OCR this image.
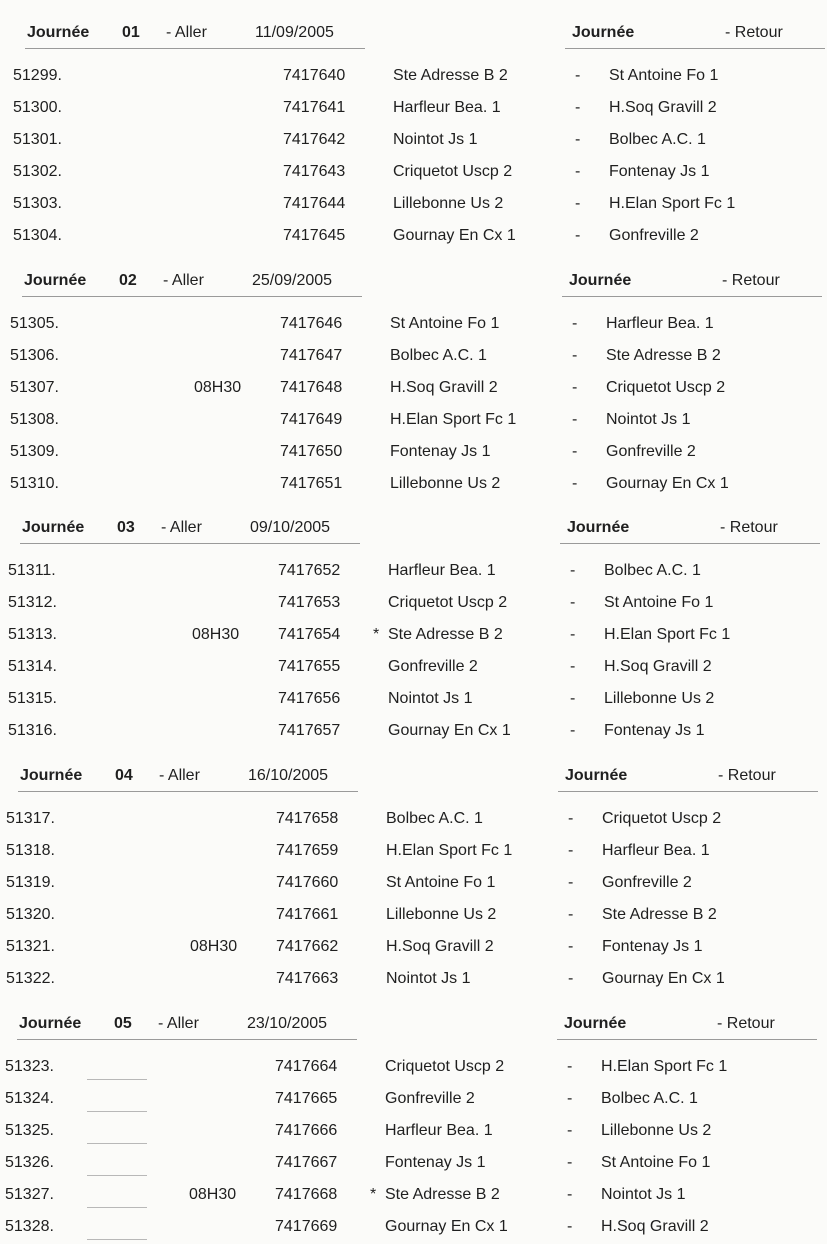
Journée 01 - Aller	11/09/2005	Journée	- Retour
51299.	7417640	Ste Adresse B 2	- St Antoine Fo 1
51300.	7417641	Harfleur Bea. 1	- H.Soq Gravill 2
51301.	7417642	Nointot Js 1	- Bolbec A.C. 1
51302.	7417643	Criquetot Uscp 2	- Fontenay Js 1
51303.	7417644	Lillebonne Us 2	- H.Elan Sport Fc 1
51304.	7417645	Gournay En Cx 1	- Gonfreville 2
Journée 02 - Aller	25/09/2005	Journée	- Retour
51305.	7417646	St Antoine Fo 1	- Harfleur Bea. 1
51306.	7417647	Bolbec A.C. 1	- Ste Adresse B 2
51307.	08H30 7417648	H.Soq Gravill 2	- Criquetot Uscp 2
51308.	7417649	H.Elan Sport Fc 1	- Nointot Js 1
51309.	7417650	Fontenay Js 1	- Gonfreville 2
51310.	7417651	Lillebonne Us 2	- Gournay En Cx 1
Journée 03 - Aller	09/10/2005	Journée	- Retour
51311.	7417652	Harfleur Bea. 1	- Bolbec A.C. 1
51312.	7417653	Criquetot Uscp 2	- St Antoine Fo 1
51313.	08H30 7417654 * Ste Adresse B 2	- H.Elan Sport Fc 1
51314.	7417655	Gonfreville 2	- H.Soq Gravill 2
51315.	7417656	Nointot Js 1	- Lillebonne Us 2
51316.	7417657	Gournay En Cx 1	- Fontenay Js 1
Journée 04 - Aller	16/10/2005	Journée	- Retour
51317.	7417658	Bolbec A.C. 1	- Criquetot Uscp 2
51318.	7417659	H.Elan Sport Fc 1	- Harfleur Bea. 1
51319.	7417660	St Antoine Fo 1	- Gonfreville 2
51320.	7417661	Lillebonne Us 2	- Ste Adresse B 2
51321.	08H30 7417662	H.Soq Gravill 2	- Fontenay Js 1
51322.	7417663	Nointot Js 1	- Gournay En Cx 1
Journée 05 - Aller	23/10/2005	Journée	- Retour
51323.	7417664	Criquetot Uscp 2	- H.Elan Sport Fc 1
51324.	7417665	Gonfreville 2	- Bolbec A.C. 1
51325.	7417666	Harfleur Bea. 1	- Lillebonne Us 2
51326.	7417667	Fontenay Js 1	- St Antoine Fo 1
51327.	08H30 7417668 * Ste Adresse B 2	- Nointot Js 1
51328.	7417669	Gournay En Cx 1	- H.Soq Gravill 2
